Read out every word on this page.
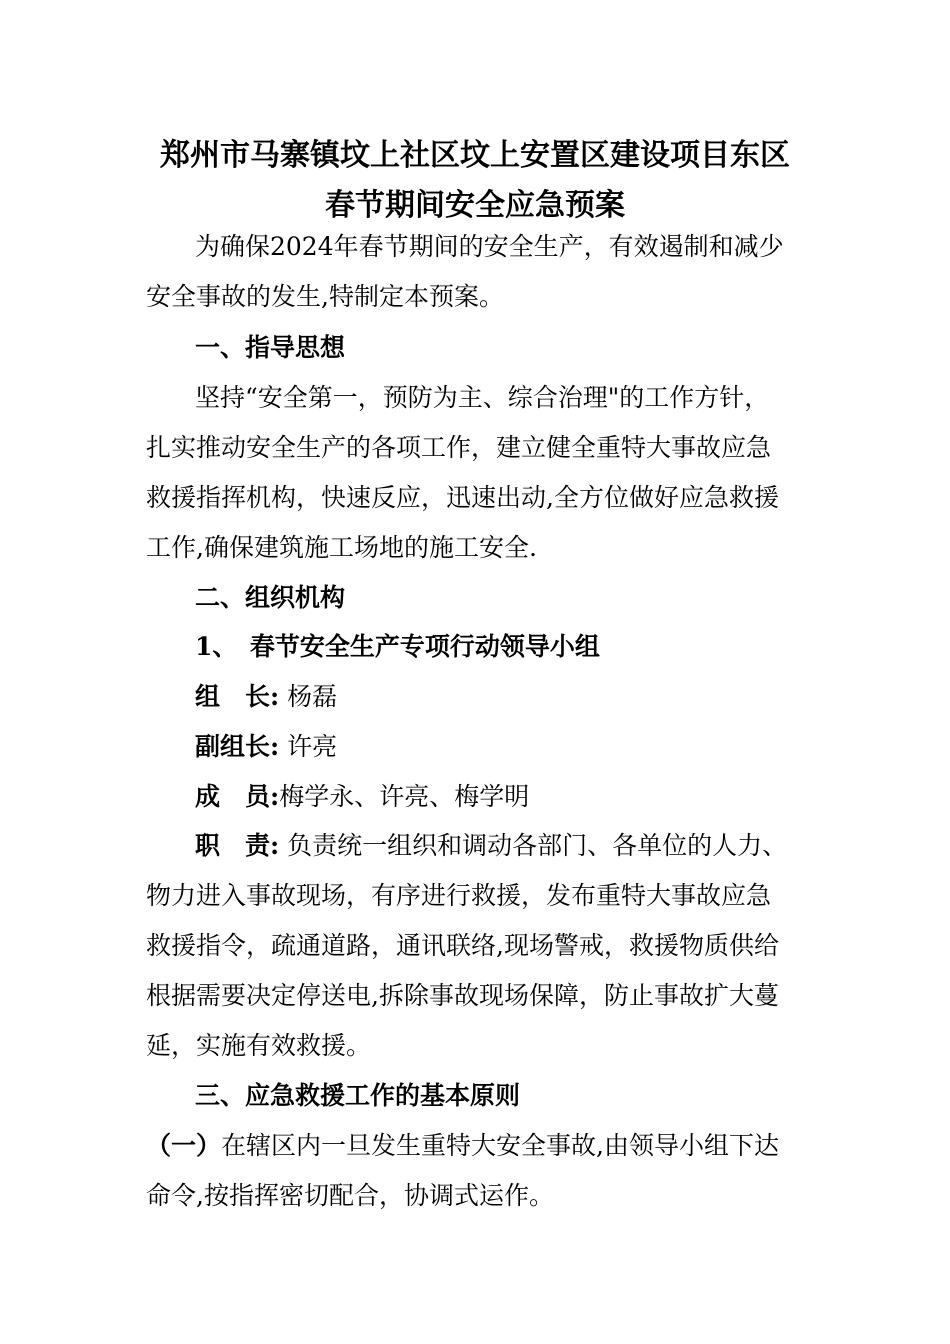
郑州市马寨镇坟上社区坟上安置区建设项目东区
春节期间安全应急预案
为确保2024年春节期间的安全生产，有效遏制和减少
安全事故的发生,特制定本预案。
一、指导思想
坚持“安全第一，预防为主、综合治理"的工作方针，
扎实推动安全生产的各项工作，建立健全重特大事故应急
救援指挥机构，快速反应，迅速出动,全方位做好应急救援
工作,确保建筑施工场地的施工安全.
二、组织机构
1、　春节安全生产专项行动领导小组
组　长: 杨磊
副组长: 许亮
成　员:梅学永、许亮、梅学明
职　责: 负责统一组织和调动各部门、各单位的人力、
物力进入事故现场，有序进行救援，发布重特大事故应急
救援指令，疏通道路，通讯联络,现场警戒，救援物质供给
根据需要决定停送电,拆除事故现场保障，防止事故扩大蔓
延，实施有效救援。
三、应急救援工作的基本原则
（一）在辖区内一旦发生重特大安全事故,由领导小组下达
命令,按指挥密切配合，协调式运作。
